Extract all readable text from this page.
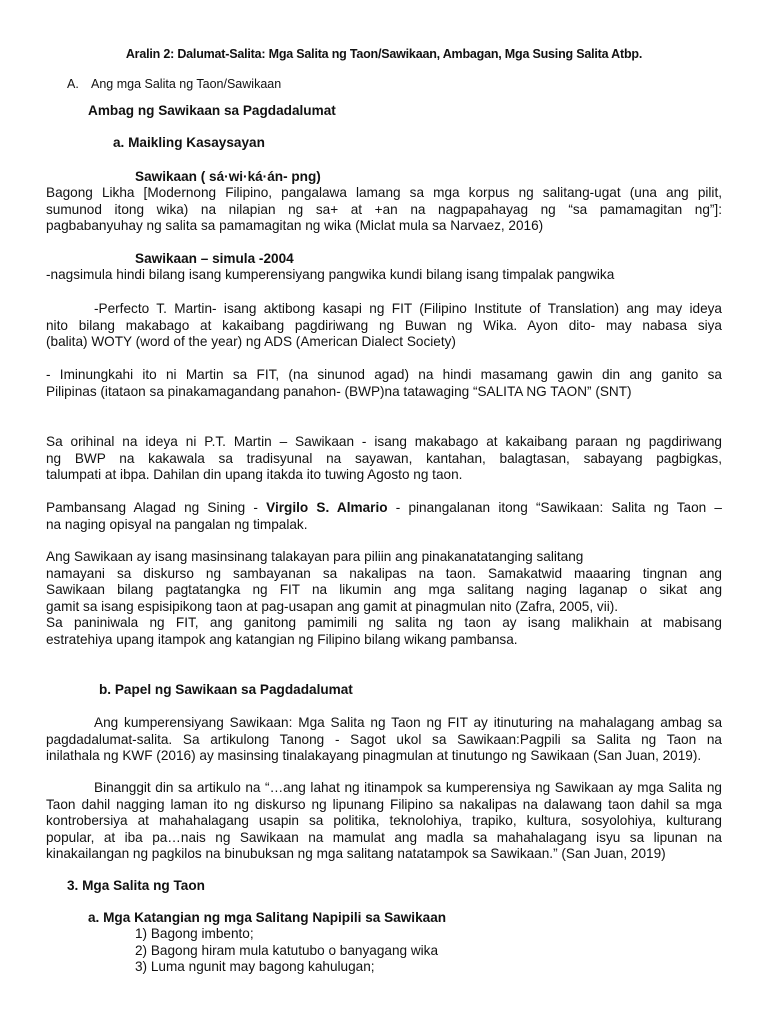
Aralin 2: Dalumat-Salita: Mga Salita ng Taon/Sawikaan, Ambagan, Mga Susing Salita Atbp.
A. Ang mga Salita ng Taon/Sawikaan
Ambag ng Sawikaan sa Pagdadalumat
a. Maikling Kasaysayan
Sawikaan ( sá·wi·ká·án- png)
Bagong Likha [Modernong Filipino, pangalawa lamang sa mga korpus ng salitang-ugat (una ang pilit,
sumunod itong wika) na nilapian ng sa+ at +an na nagpapahayag ng “sa pamamagitan ng”]:
pagbabanyuhay ng salita sa pamamagitan ng wika (Miclat mula sa Narvaez, 2016)
Sawikaan – simula -2004
-nagsimula hindi bilang isang kumperensiyang pangwika kundi bilang isang timpalak pangwika
-Perfecto T. Martin- isang aktibong kasapi ng FIT (Filipino Institute of Translation) ang may ideya
nito bilang makabago at kakaibang pagdiriwang ng Buwan ng Wika. Ayon dito- may nabasa siya
(balita) WOTY (word of the year) ng ADS (American Dialect Society)
- Iminungkahi ito ni Martin sa FIT, (na sinunod agad) na hindi masamang gawin din ang ganito sa
Pilipinas (itataon sa pinakamagandang panahon- (BWP)na tatawaging “SALITA NG TAON” (SNT)
Sa orihinal na ideya ni P.T. Martin – Sawikaan - isang makabago at kakaibang paraan ng pagdiriwang
ng BWP na kakawala sa tradisyunal na sayawan, kantahan, balagtasan, sabayang pagbigkas,
talumpati at ibpa. Dahilan din upang itakda ito tuwing Agosto ng taon.
Pambansang Alagad ng Sining - Virgilo S. Almario - pinangalanan itong “Sawikaan: Salita ng Taon –
na naging opisyal na pangalan ng timpalak.
Ang Sawikaan ay isang masinsinang talakayan para piliin ang pinakanatatanging salitang
namayani sa diskurso ng sambayanan sa nakalipas na taon. Samakatwid maaaring tingnan ang
Sawikaan bilang pagtatangka ng FIT na likumin ang mga salitang naging laganap o sikat ang
gamit sa isang espisipikong taon at pag-usapan ang gamit at pinagmulan nito (Zafra, 2005, vii).
Sa paniniwala ng FIT, ang ganitong pamimili ng salita ng taon ay isang malikhain at mabisang
estratehiya upang itampok ang katangian ng Filipino bilang wikang pambansa.
b. Papel ng Sawikaan sa Pagdadalumat
Ang kumperensiyang Sawikaan: Mga Salita ng Taon ng FIT ay itinuturing na mahalagang ambag sa
pagdadalumat-salita. Sa artikulong Tanong - Sagot ukol sa Sawikaan:Pagpili sa Salita ng Taon na
inilathala ng KWF (2016) ay masinsing tinalakayang pinagmulan at tinutungo ng Sawikaan (San Juan, 2019).
Binanggit din sa artikulo na “…ang lahat ng itinampok sa kumperensiya ng Sawikaan ay mga Salita ng
Taon dahil nagging laman ito ng diskurso ng lipunang Filipino sa nakalipas na dalawang taon dahil sa mga
kontrobersiya at mahahalagang usapin sa politika, teknolohiya, trapiko, kultura, sosyolohiya, kulturang
popular, at iba pa…nais ng Sawikaan na mamulat ang madla sa mahahalagang isyu sa lipunan na
kinakailangan ng pagkilos na binubuksan ng mga salitang natatampok sa Sawikaan.” (San Juan, 2019)
3. Mga Salita ng Taon
a. Mga Katangian ng mga Salitang Napipili sa Sawikaan
1) Bagong imbento;
2) Bagong hiram mula katutubo o banyagang wika
3) Luma ngunit may bagong kahulugan;
